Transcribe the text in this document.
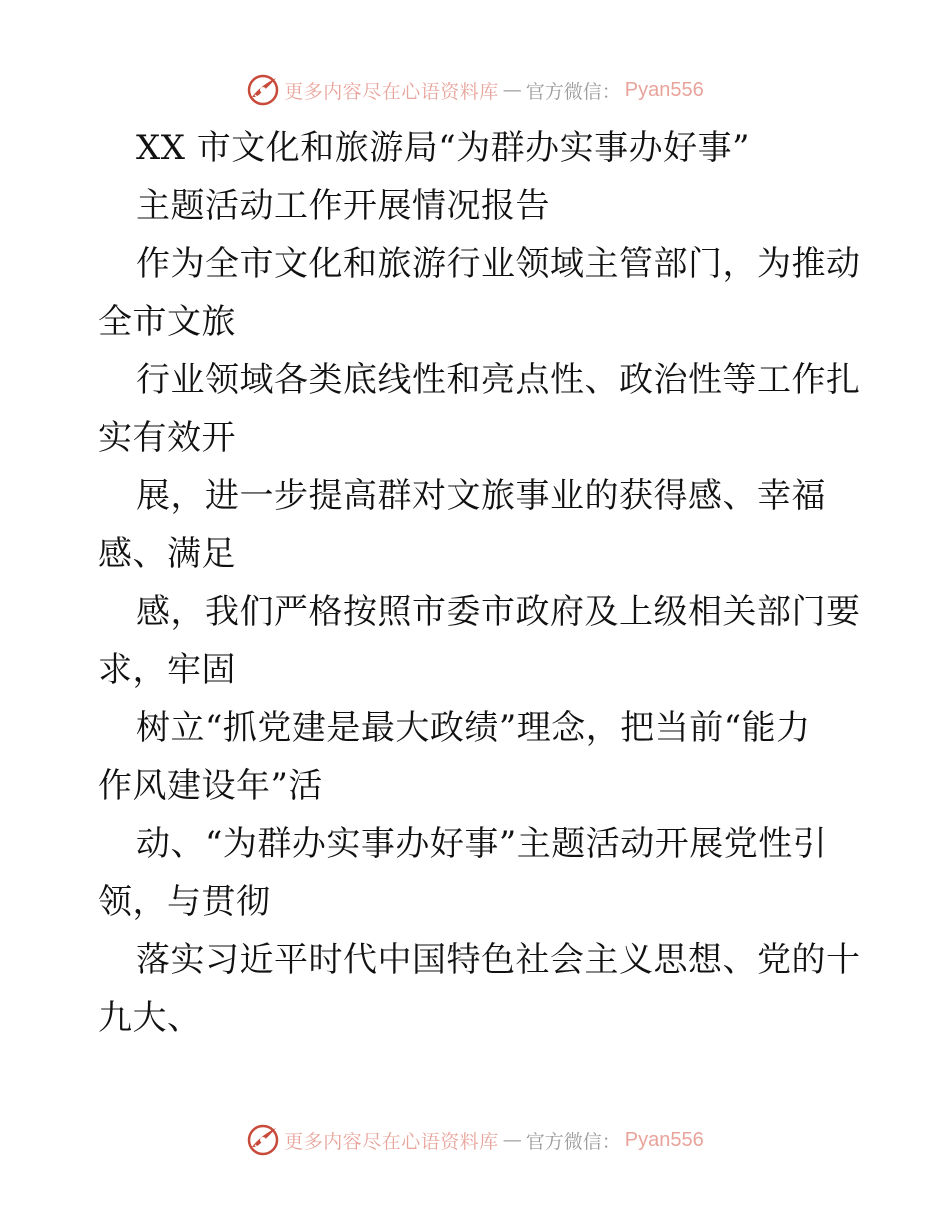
更多内容尽在心语资料库 — 官方微信： Pyan556
XX 市文化和旅游局“为群办实事办好事”
主题活动工作开展情况报告
作为全市文化和旅游行业领域主管部门，为推动
全市文旅
行业领域各类底线性和亮点性、政治性等工作扎
实有效开
展，进一步提高群对文旅事业的获得感、幸福
感、满足
感，我们严格按照市委市政府及上级相关部门要
求，牢固
树立“抓党建是最大政绩”理念，把当前“能力
作风建设年”活
动、“为群办实事办好事”主题活动开展党性引
领，与贯彻
落实习近平时代中国特色社会主义思想、党的十
九大、
更多内容尽在心语资料库 — 官方微信： Pyan556
